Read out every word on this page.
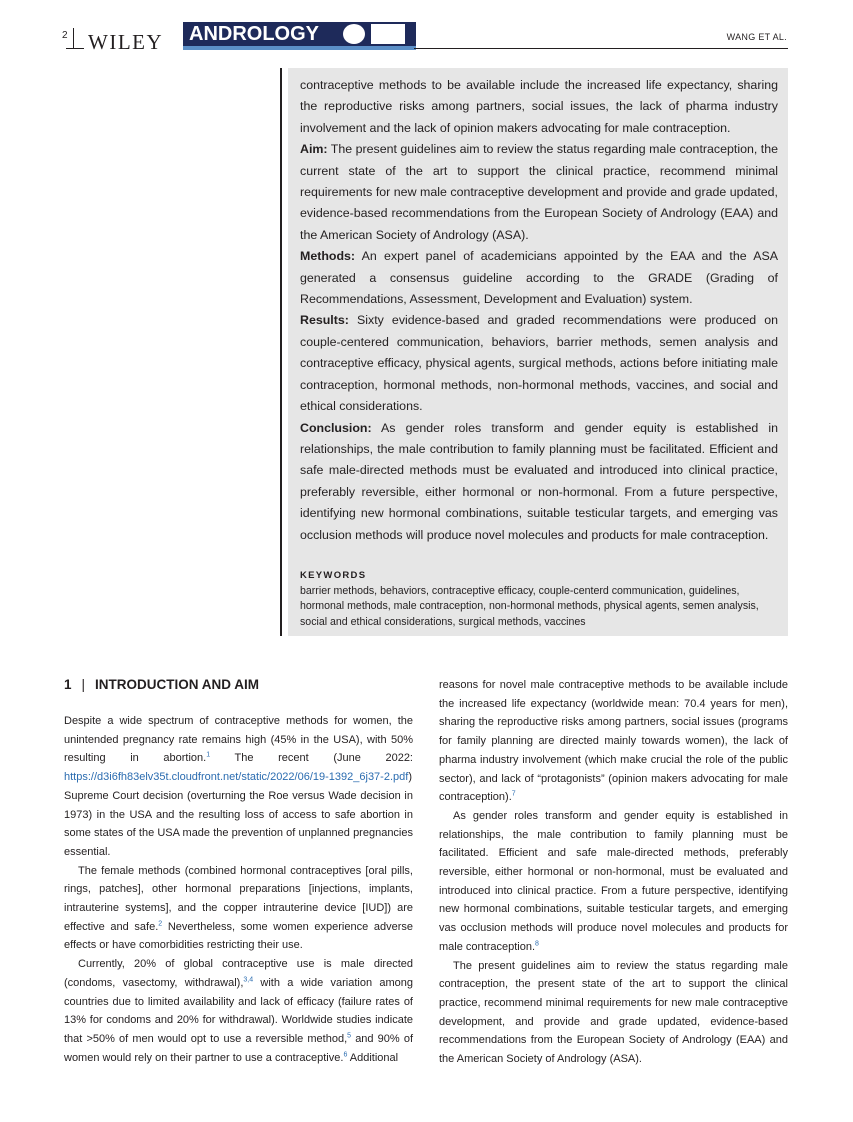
2 WILEY	ANDROLOGY	WANG ET AL.

contraceptive methods to be available include the increased life expectancy, sharing the reproductive risks among partners, social issues, the lack of pharma industry involvement and the lack of opinion makers advocating for male contraception.

Aim: The present guidelines aim to review the status regarding male contraception, the current state of the art to support the clinical practice, recommend minimal requirements for new male contraceptive development and provide and grade updated, evidence-based recommendations from the European Society of Andrology (EAA) and the American Society of Andrology (ASA).

Methods: An expert panel of academicians appointed by the EAA and the ASA generated a consensus guideline according to the GRADE (Grading of Recommendations, Assessment, Development and Evaluation) system.

Results: Sixty evidence-based and graded recommendations were produced on couple-centered communication, behaviors, barrier methods, semen analysis and contraceptive efficacy, physical agents, surgical methods, actions before initiating male contraception, hormonal methods, non-hormonal methods, vaccines, and social and ethical considerations.

Conclusion: As gender roles transform and gender equity is established in relationships, the male contribution to family planning must be facilitated. Efficient and safe male-directed methods must be evaluated and introduced into clinical practice, preferably reversible, either hormonal or non-hormonal. From a future perspective, identifying new hormonal combinations, suitable testicular targets, and emerging vas occlusion methods will produce novel molecules and products for male contraception.

KEYWORDS
barrier methods, behaviors, contraceptive efficacy, couple-centerd communication, guidelines, hormonal methods, male contraception, non-hormonal methods, physical agents, semen analysis, social and ethical considerations, surgical methods, vaccines

1 | INTRODUCTION AND AIM

Despite a wide spectrum of contraceptive methods for women, the unintended pregnancy rate remains high (45% in the USA), with 50% resulting in abortion.$^1$ The recent (June 2022: https://d3i6fh83elv35t.cloudfront.net/static/2022/06/19-1392_6j37-2.pdf) Supreme Court decision (overturning the Roe versus Wade decision in 1973) in the USA and the resulting loss of access to safe abortion in some states of the USA made the prevention of unplanned pregnancies essential.

The female methods (combined hormonal contraceptives [oral pills, rings, patches], other hormonal preparations [injections, implants, intrauterine systems], and the copper intrauterine device [IUD]) are effective and safe.$^2$ Nevertheless, some women experience adverse effects or have comorbidities restricting their use.

Currently, 20% of global contraceptive use is male directed (condoms, vasectomy, withdrawal),$^{3,4}$ with a wide variation among countries due to limited availability and lack of efficacy (failure rates of 13% for condoms and 20% for withdrawal). Worldwide studies indicate that >50% of men would opt to use a reversible method,$^5$ and 90% of women would rely on their partner to use a contraceptive.$^6$ Additional

reasons for novel male contraceptive methods to be available include the increased life expectancy (worldwide mean: 70.4 years for men), sharing the reproductive risks among partners, social issues (programs for family planning are directed mainly towards women), the lack of pharma industry involvement (which make crucial the role of the public sector), and lack of “protagonists” (opinion makers advocating for male contraception).$^7$

As gender roles transform and gender equity is established in relationships, the male contribution to family planning must be facilitated. Efficient and safe male-directed methods, preferably reversible, either hormonal or non-hormonal, must be evaluated and introduced into clinical practice. From a future perspective, identifying new hormonal combinations, suitable testicular targets, and emerging vas occlusion methods will produce novel molecules and products for male contraception.$^8$

The present guidelines aim to review the status regarding male contraception, the present state of the art to support the clinical practice, recommend minimal requirements for new male contraceptive development, and provide and grade updated, evidence-based recommendations from the European Society of Andrology (EAA) and the American Society of Andrology (ASA).
